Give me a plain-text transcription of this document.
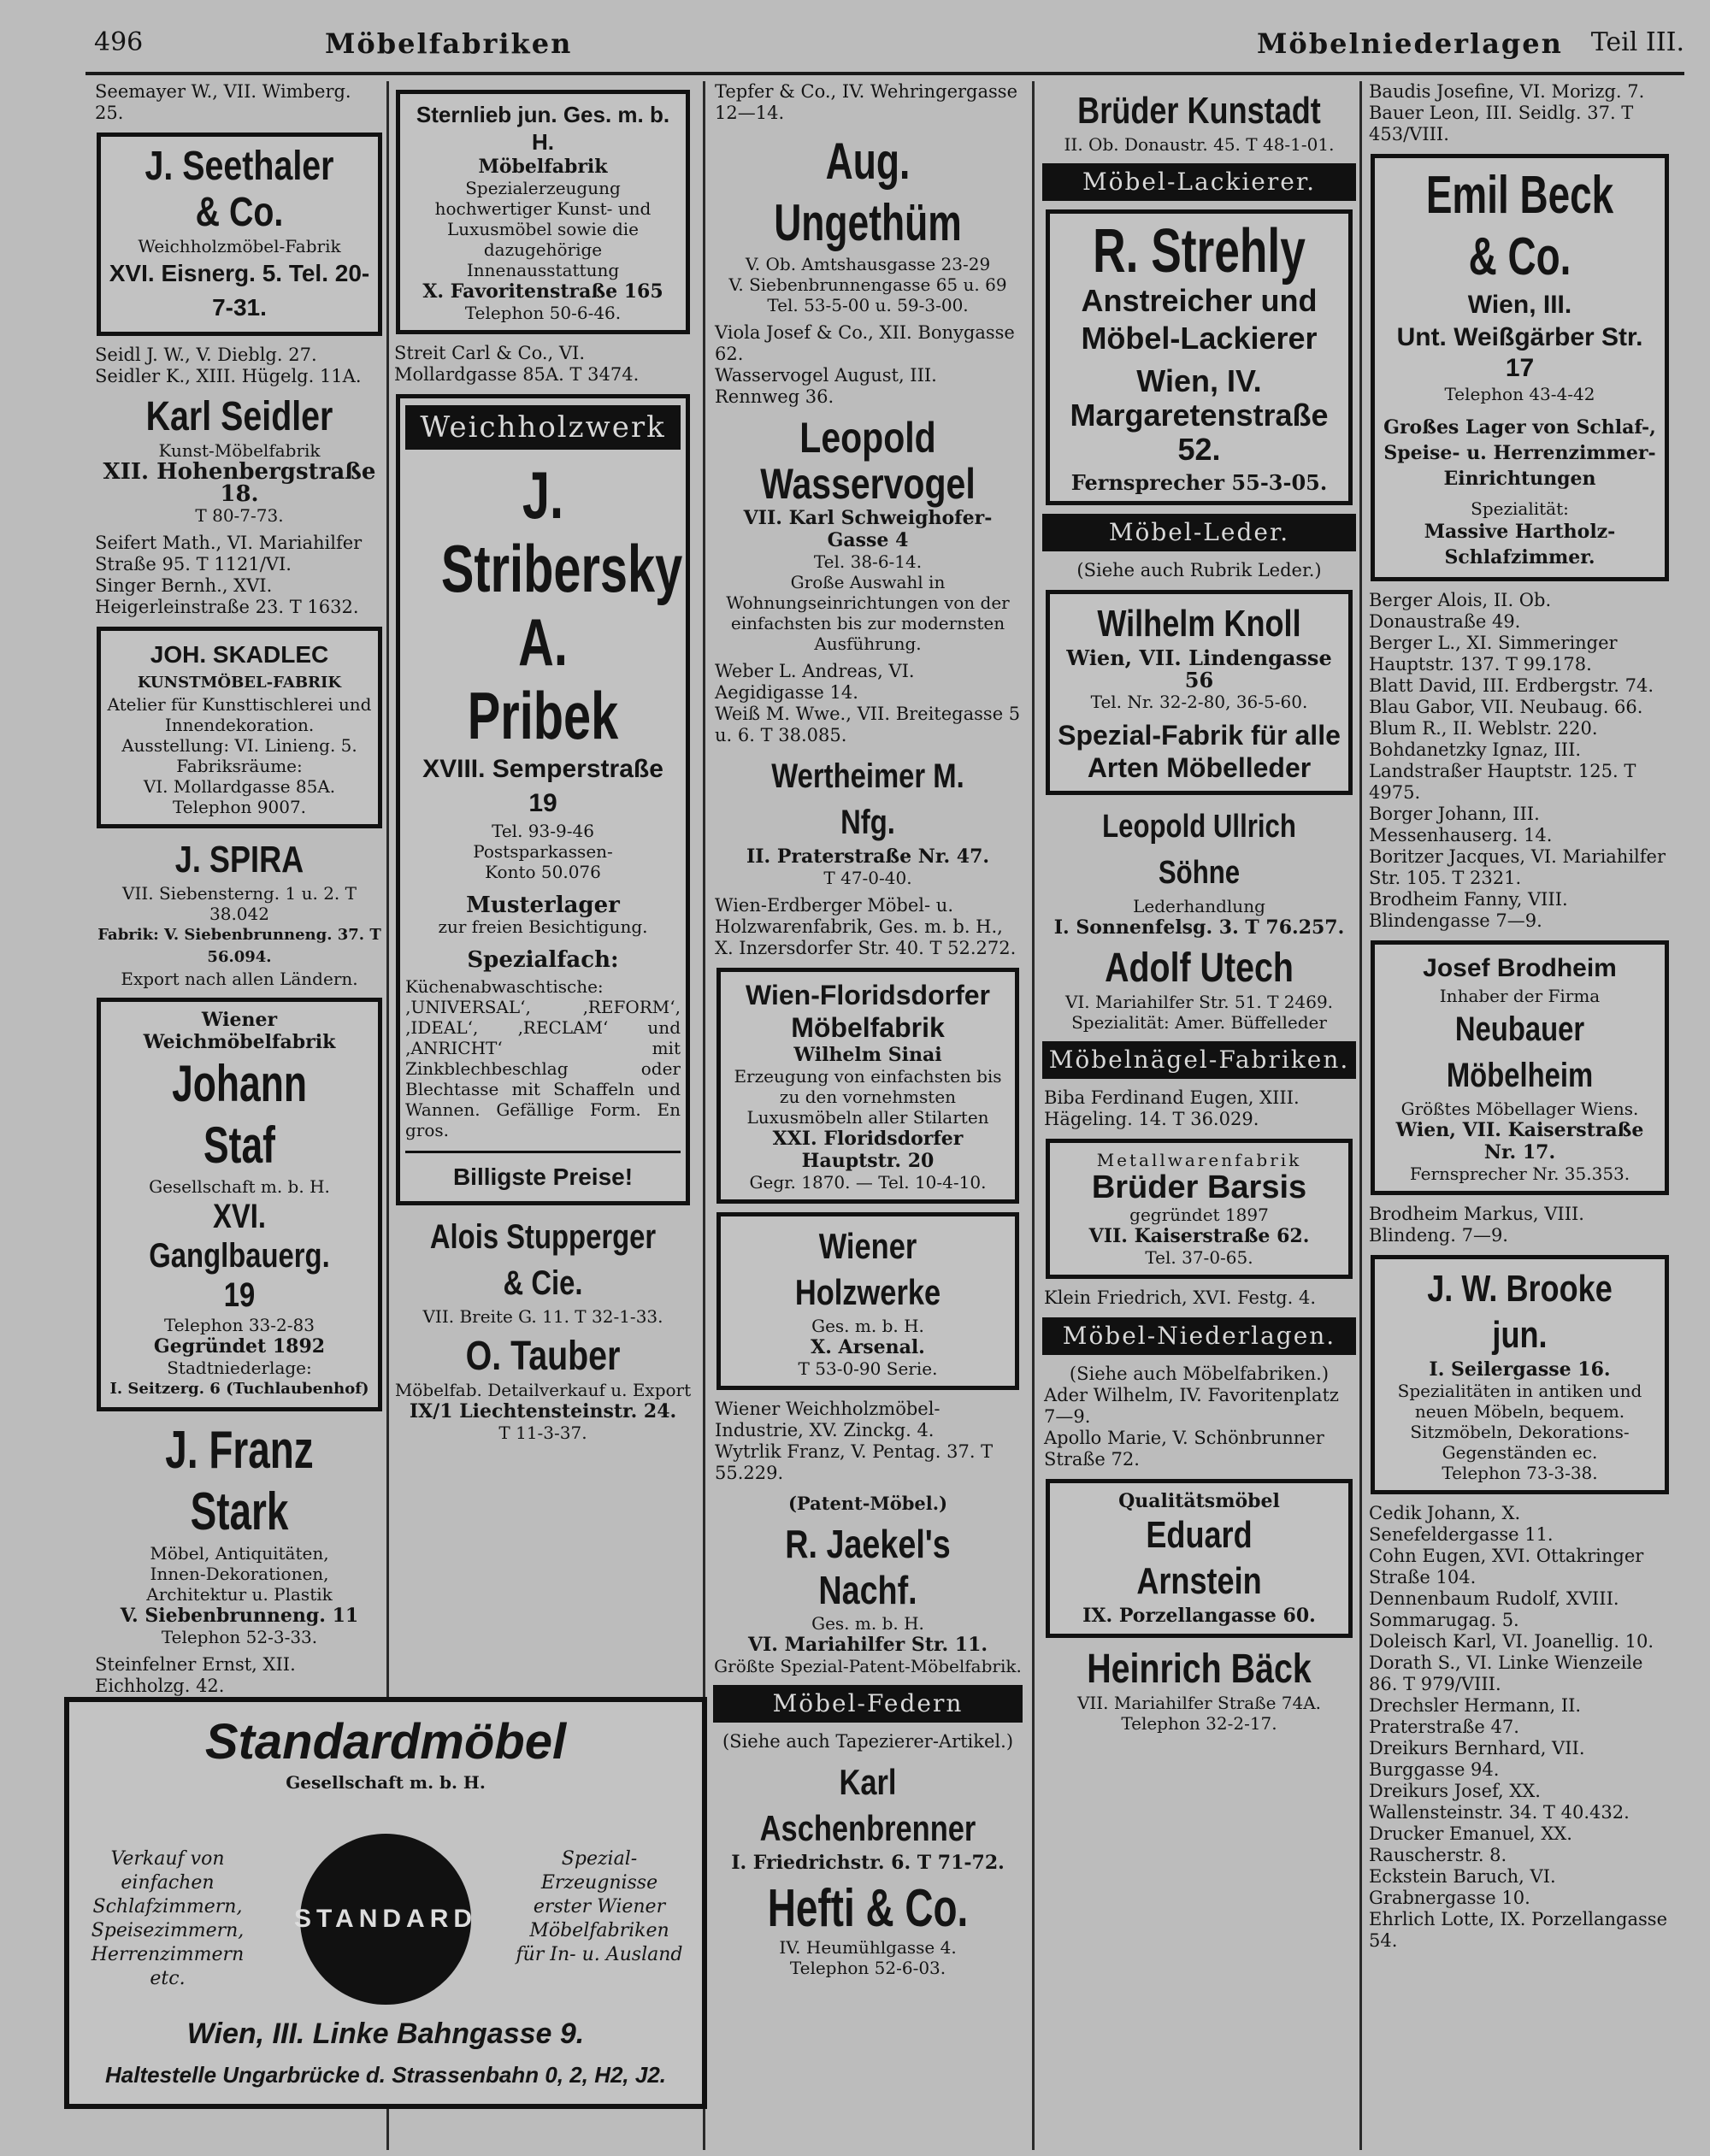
496	Möbelfabriken	Möbelniederlagen Teil III.
Seemayer W., VII. Wimberg. 25.
J. Seethaler & Co.
Weichholzmöbel-Fabrik
XVI. Eisnerg. 5. Tel. 20-7-31.
Seidl J. W., V. Dieblg. 27.
Seidler K., XIII. Hügelg. 11A.
Karl Seidler
Kunst-Möbelfabrik
XII. Hohenbergstraße 18.
T 80-7-73.
Seifert Math., VI. Mariahilfer Straße 95. T 1121/VI.
Singer Bernh., XVI. Heigerleinstraße 23. T 1632.
JOH. SKADLEC
KUNSTMÖBEL-FABRIK
Atelier für Kunsttischlerei und Innendekoration.
Ausstellung: VI. Linieng. 5.
Fabriksräume:
VI. Mollardgasse 85A.
Telephon 9007.
J. SPIRA
VII. Siebensterng. 1 u. 2. T 38.042
Fabrik: V. Siebenbrunneng. 37. T 56.094.
Export nach allen Ländern.
Wiener Weichmöbelfabrik
Johann Staf
Gesellschaft m. b. H.
XVI. Ganglbauerg. 19
Telephon 33-2-83
Gegründet 1892
Stadtniederlage:
I. Seitzerg. 6 (Tuchlaubenhof)
J. Franz Stark
Möbel, Antiquitäten,
Innen-Dekorationen,
Architektur u. Plastik
V. Siebenbrunneng. 11
Telephon 52-3-33.
Steinfelner Ernst, XII. Eichholzg. 42.
Sternlieb jun. Ges. m. b. H.
Möbelfabrik
Spezialerzeugung hochwertiger Kunst- und Luxusmöbel sowie die dazugehörige Innenausstattung
X. Favoritenstraße 165
Telephon 50-6-46.
Streit Carl & Co., VI. Mollardgasse 85A. T 3474.
Weichholzwerk
J. Stribersky
A. Pribek
XVIII. Semperstraße 19
Tel. 93-9-46
Postsparkassen-
Konto 50.076
Musterlager
zur freien Besichtigung.
Spezialfach:
Küchenabwaschtische: ‚UNIVERSAL‘, ‚REFORM‘, ‚IDEAL‘, ‚RECLAM‘ und ‚ANRICHT‘ mit Zinkblechbeschlag oder Blechtasse mit Schaffeln und Wannen. Gefällige Form. En gros.
Billigste Preise!
Alois Stupperger & Cie.
VII. Breite G. 11. T 32-1-33.
O. Tauber
Möbelfab. Detailverkauf u. Export
IX/1 Liechtensteinstr. 24.
T 11-3-37.
Tepfer & Co., IV. Wehringergasse 12—14.
Aug. Ungethüm
V. Ob. Amtshausgasse 23-29
V. Siebenbrunnengasse 65 u. 69
Tel. 53-5-00 u. 59-3-00.
Viola Josef & Co., XII. Bonygasse 62.
Wasservogel August, III. Rennweg 36.
Leopold Wasservogel
VII. Karl Schweighofer-Gasse 4
Tel. 38-6-14.
Große Auswahl in Wohnungseinrichtungen von der einfachsten bis zur modernsten Ausführung.
Weber L. Andreas, VI. Aegidigasse 14.
Weiß M. Wwe., VII. Breitegasse 5 u. 6. T 38.085.
Wertheimer M. Nfg.
II. Praterstraße Nr. 47.
T 47-0-40.
Wien-Erdberger Möbel- u. Holzwarenfabrik, Ges. m. b. H., X. Inzersdorfer Str. 40. T 52.272.
Wien-Floridsdorfer Möbelfabrik
Wilhelm Sinai
Erzeugung von einfachsten bis zu den vornehmsten Luxusmöbeln aller Stilarten
XXI. Floridsdorfer Hauptstr. 20
Gegr. 1870. — Tel. 10-4-10.
Wiener Holzwerke
Ges. m. b. H.
X. Arsenal.
T 53-0-90 Serie.
Wiener Weichholzmöbel-Industrie, XV. Zinckg. 4.
Wytrlik Franz, V. Pentag. 37. T 55.229.
(Patent-Möbel.)
R. Jaekel's Nachf.
Ges. m. b. H.
VI. Mariahilfer Str. 11.
Größte Spezial-Patent-Möbelfabrik.
Möbel-Federn
(Siehe auch Tapezierer-Artikel.)
Karl Aschenbrenner
I. Friedrichstr. 6. T 71-72.
Hefti & Co.
IV. Heumühlgasse 4.
Telephon 52-6-03.
Brüder Kunstadt
II. Ob. Donaustr. 45. T 48-1-01.
Möbel-Lackierer.
R. Strehly
Anstreicher und Möbel-Lackierer
Wien, IV.
Margaretenstraße 52.
Fernsprecher 55-3-05.
Möbel-Leder.
(Siehe auch Rubrik Leder.)
Wilhelm Knoll
Wien, VII. Lindengasse 56
Tel. Nr. 32-2-80, 36-5-60.
Spezial-Fabrik für alle Arten Möbelleder
Leopold Ullrich Söhne
Lederhandlung
I. Sonnenfelsg. 3. T 76.257.
Adolf Utech
VI. Mariahilfer Str. 51. T 2469.
Spezialität: Amer. Büffelleder
Möbelnägel-Fabriken.
Biba Ferdinand Eugen, XIII. Hägeling. 14. T 36.029.
Metallwarenfabrik
Brüder Barsis
gegründet 1897
VII. Kaiserstraße 62.
Tel. 37-0-65.
Klein Friedrich, XVI. Festg. 4.
Möbel-Niederlagen.
(Siehe auch Möbelfabriken.)
Ader Wilhelm, IV. Favoritenplatz 7—9.
Apollo Marie, V. Schönbrunner Straße 72.
Qualitätsmöbel
Eduard Arnstein
IX. Porzellangasse 60.
Heinrich Bäck
VII. Mariahilfer Straße 74A.
Telephon 32-2-17.
Baudis Josefine, VI. Morizg. 7.
Bauer Leon, III. Seidlg. 37. T 453/VIII.
Emil Beck & Co.
Wien, III.
Unt. Weißgärber Str. 17
Telephon 43-4-42
Großes Lager von Schlaf-, Speise- u. Herrenzimmer-Einrichtungen
Spezialität:
Massive Hartholz-Schlafzimmer.
Berger Alois, II. Ob. Donaustraße 49.
Berger L., XI. Simmeringer Hauptstr. 137. T 99.178.
Blatt David, III. Erdbergstr. 74.
Blau Gabor, VII. Neubaug. 66.
Blum R., II. Weblstr. 220.
Bohdanetzky Ignaz, III. Landstraßer Hauptstr. 125. T 4975.
Borger Johann, III. Messenhauserg. 14.
Boritzer Jacques, VI. Mariahilfer Str. 105. T 2321.
Brodheim Fanny, VIII. Blindengasse 7—9.
Josef Brodheim
Inhaber der Firma
Neubauer Möbelheim
Größtes Möbellager Wiens.
Wien, VII. Kaiserstraße Nr. 17.
Fernsprecher Nr. 35.353.
Brodheim Markus, VIII. Blindeng. 7—9.
J. W. Brooke jun.
I. Seilergasse 16.
Spezialitäten in antiken und neuen Möbeln, bequem. Sitzmöbeln, Dekorations-Gegenständen ec.
Telephon 73-3-38.
Cedik Johann, X. Senefeldergasse 11.
Cohn Eugen, XVI. Ottakringer Straße 104.
Dennenbaum Rudolf, XVIII. Sommarugag. 5.
Doleisch Karl, VI. Joanellig. 10.
Dorath S., VI. Linke Wienzeile 86. T 979/VIII.
Drechsler Hermann, II. Praterstraße 47.
Dreikurs Bernhard, VII. Burggasse 94.
Dreikurs Josef, XX. Wallensteinstr. 34. T 40.432.
Drucker Emanuel, XX. Rauscherstr. 8.
Eckstein Baruch, VI. Grabnergasse 10.
Ehrlich Lotte, IX. Porzellangasse 54.
Standardmöbel
Gesellschaft m. b. H.
Verkauf von einfachen Schlafzimmern, Speisezimmern, Herrenzimmern etc.
STANDARD
Spezial-Erzeugnisse erster Wiener Möbelfabriken für In- u. Ausland
Wien, III. Linke Bahngasse 9.
Haltestelle Ungarbrücke d. Strassenbahn 0, 2, H2, J2.
